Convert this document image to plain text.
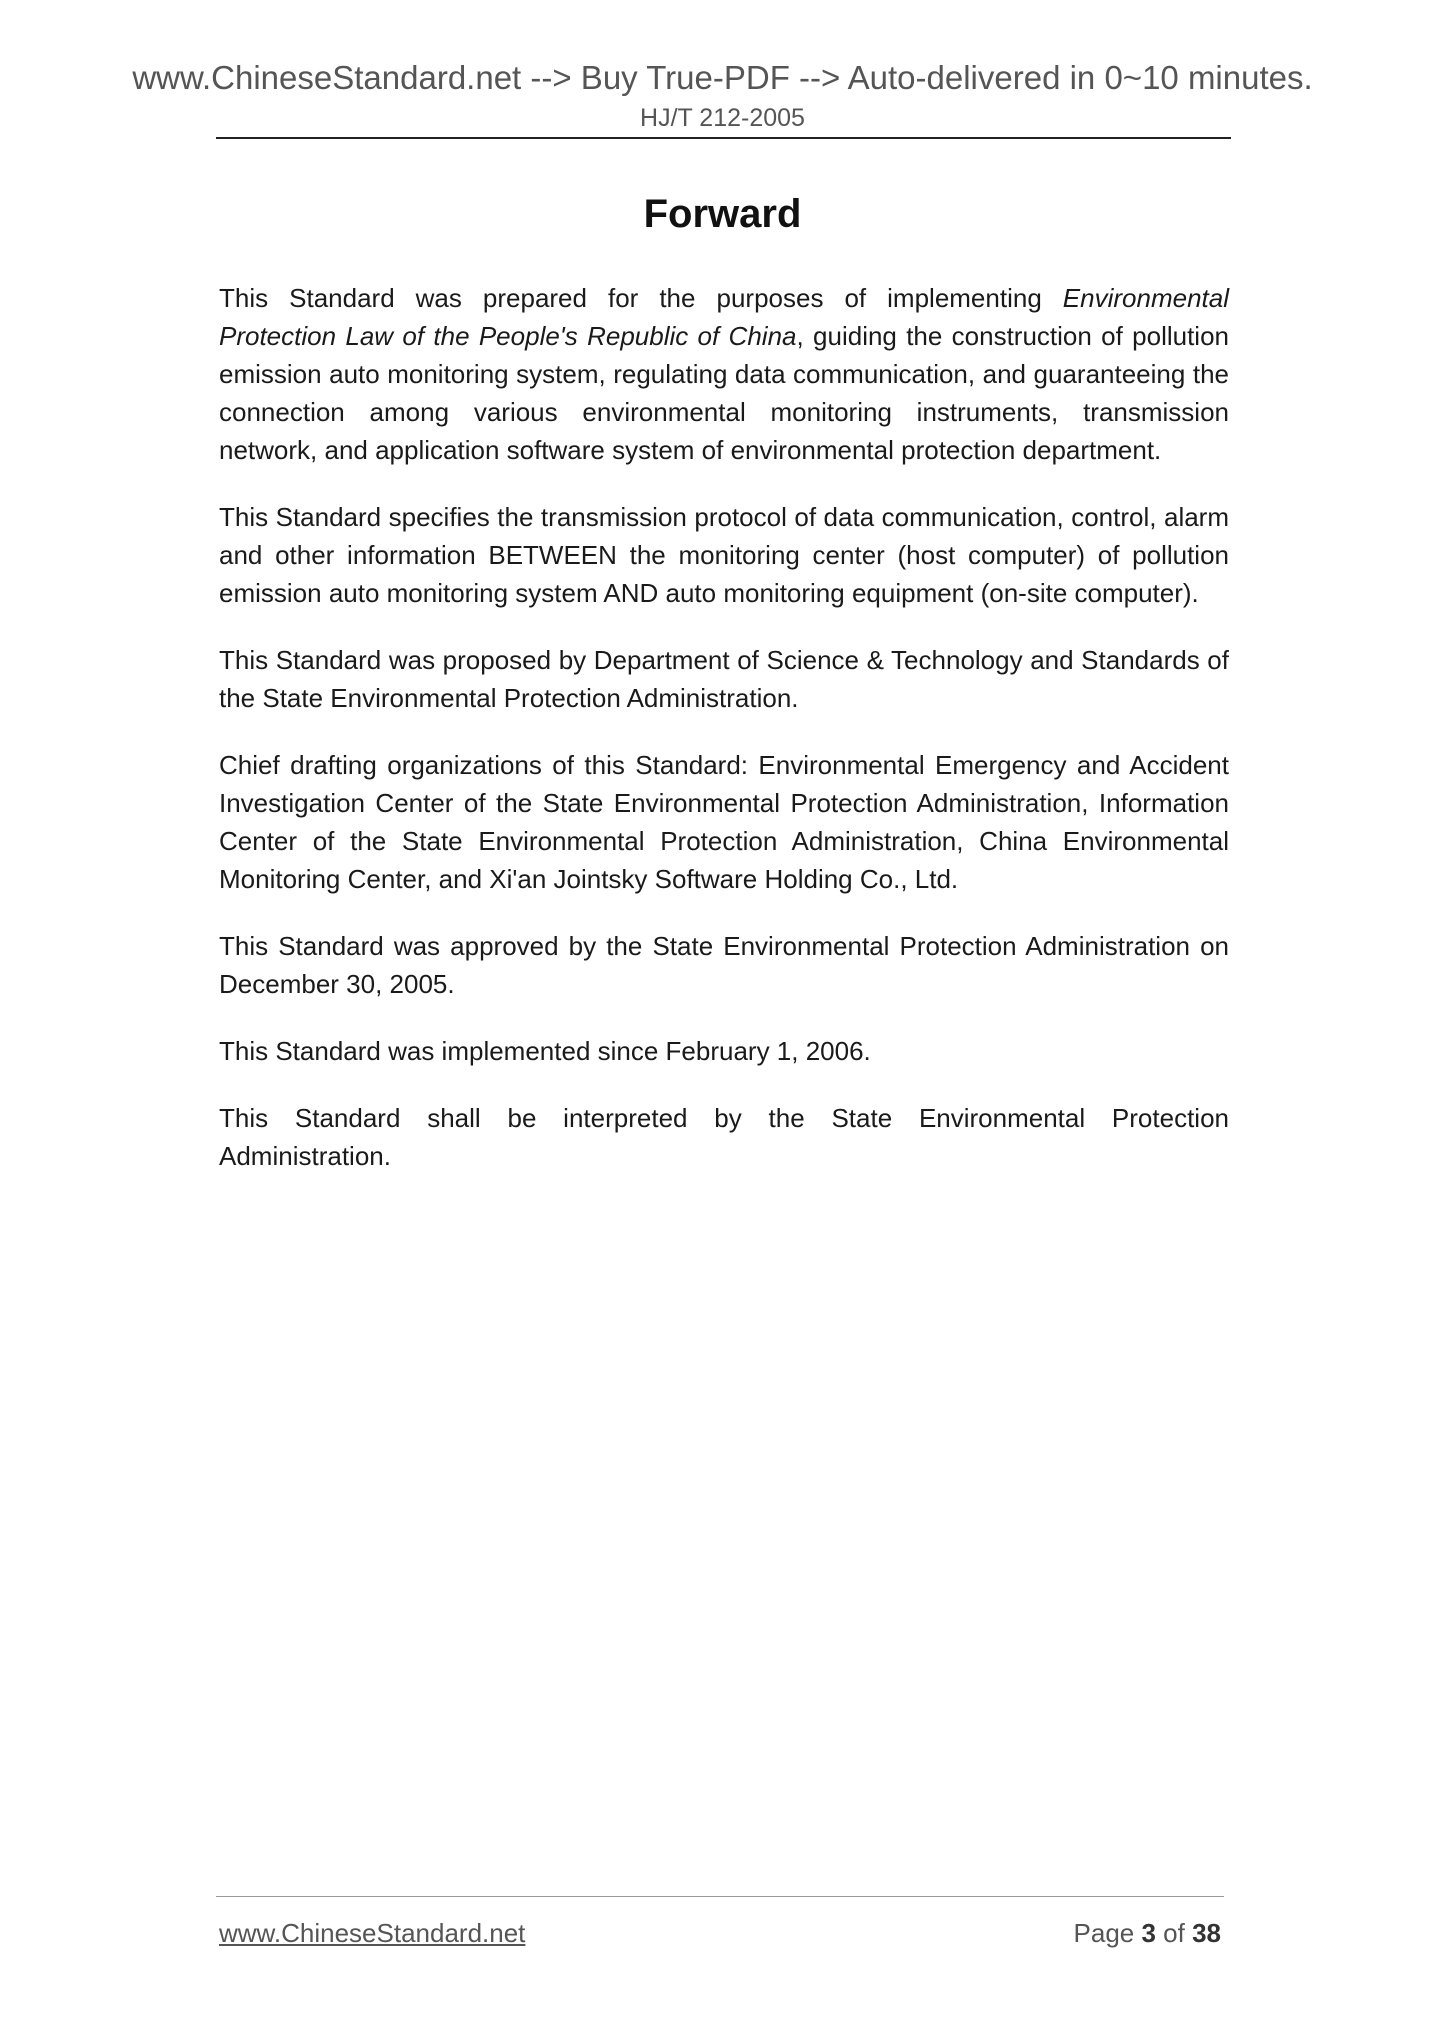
www.ChineseStandard.net --> Buy True-PDF --> Auto-delivered in 0~10 minutes.
HJ/T 212-2005
Forward

This Standard was prepared for the purposes of implementing Environmental Protection Law of the People's Republic of China, guiding the construction of pollution emission auto monitoring system, regulating data communication, and guaranteeing the connection among various environmental monitoring instruments, transmission network, and application software system of environmental protection department.

This Standard specifies the transmission protocol of data communication, control, alarm and other information BETWEEN the monitoring center (host computer) of pollution emission auto monitoring system AND auto monitoring equipment (on-site computer).

This Standard was proposed by Department of Science & Technology and Standards of the State Environmental Protection Administration.

Chief drafting organizations of this Standard: Environmental Emergency and Accident Investigation Center of the State Environmental Protection Administration, Information Center of the State Environmental Protection Administration, China Environmental Monitoring Center, and Xi'an Jointsky Software Holding Co., Ltd.

This Standard was approved by the State Environmental Protection Administration on December 30, 2005.

This Standard was implemented since February 1, 2006.

This Standard shall be interpreted by the State Environmental Protection Administration.

www.ChineseStandard.net	Page 3 of 38
